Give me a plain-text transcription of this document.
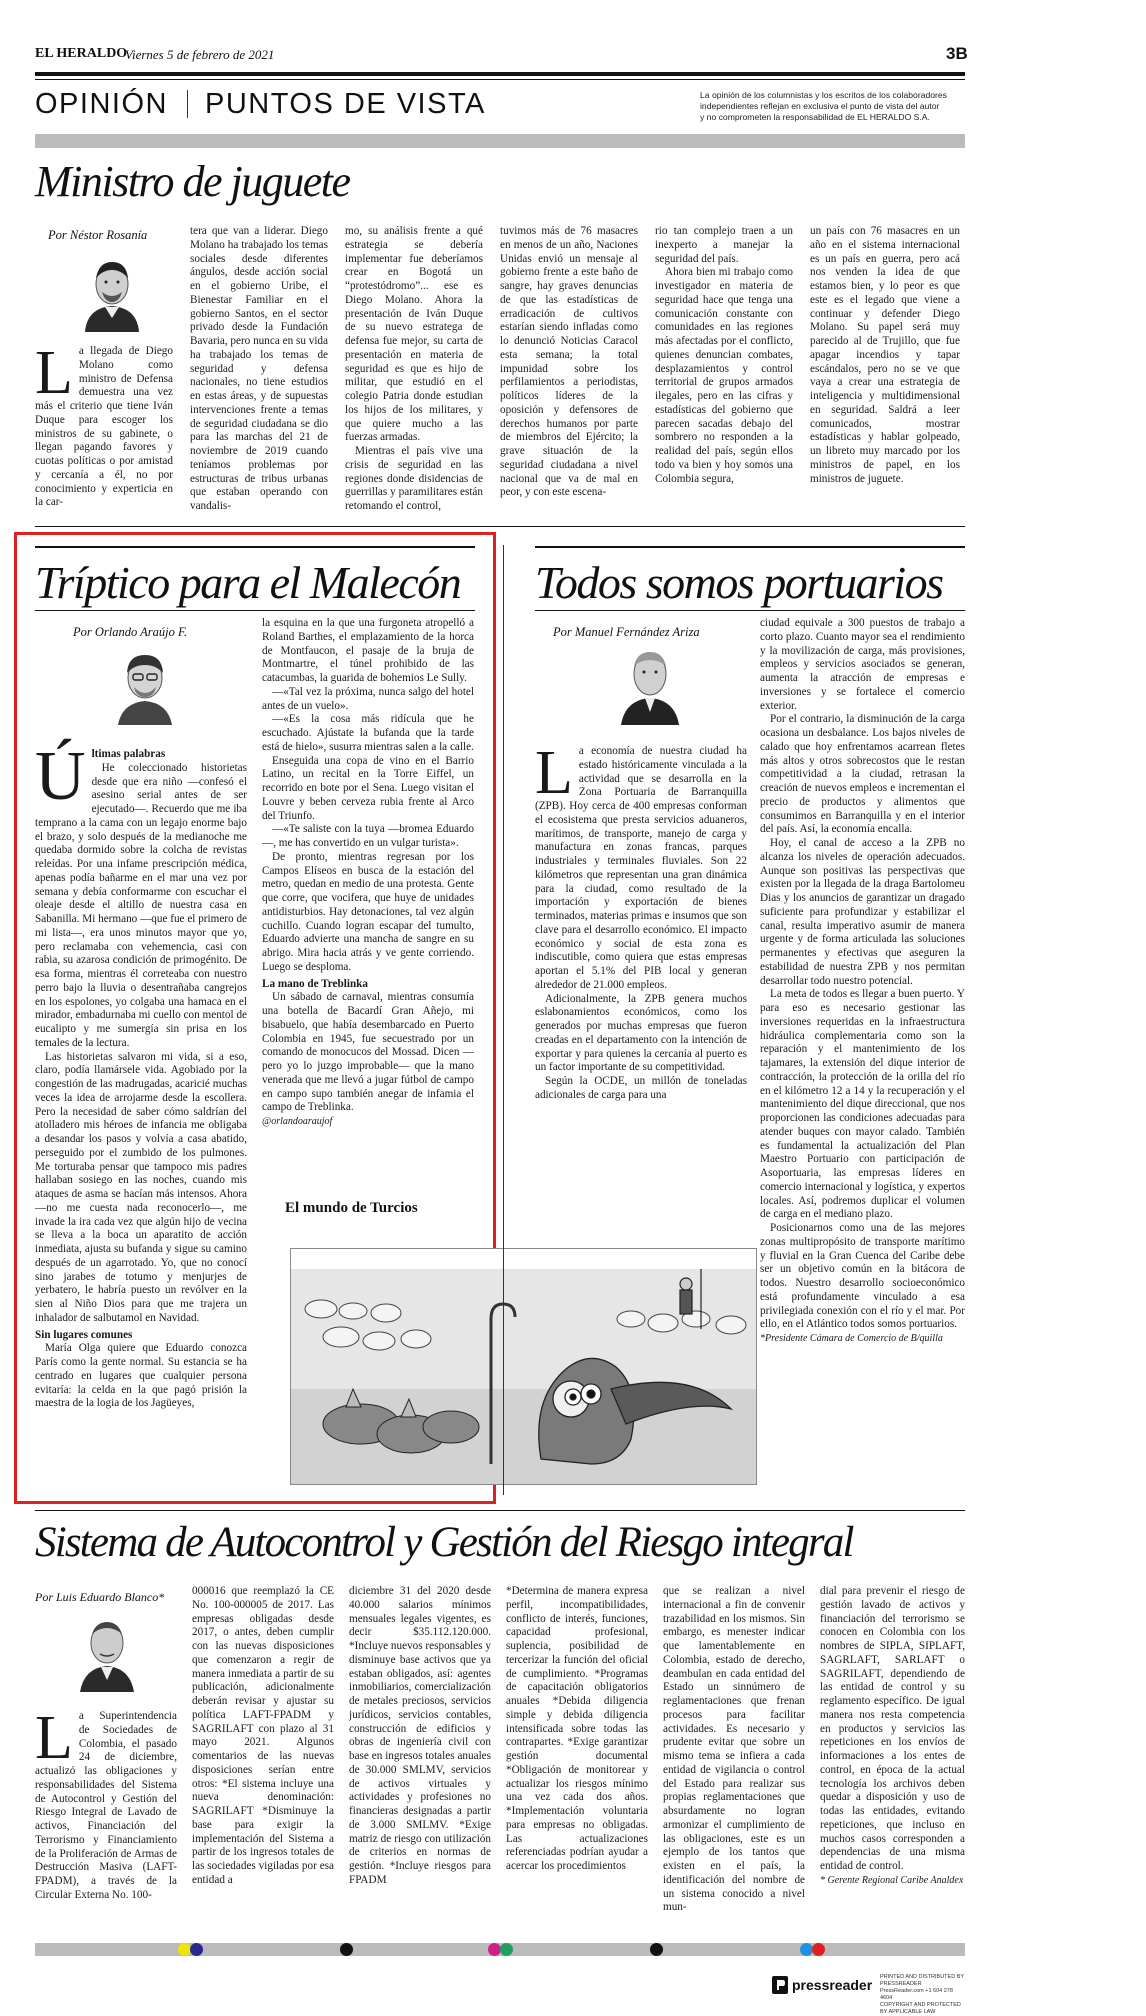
EL HERALDO
Viernes 5 de febrero de 2021	3B
OPINIÓN PUNTOS DE VISTA	La opinión de los columnistas y los escritos de los colaboradores
independientes reflejan en exclusiva el punto de vista del autor
y no comprometen la responsabilidad de EL HERALDO S.A.
Ministro de juguete
Por Néstor Rosanía
L a llegada de Diego Molano como ministro de Defensa demuestra una vez más el criterio que tiene Iván Duque para escoger los ministros de su gabinete, o llegan pagando favores y cuotas políticas o por amistad y cercanía a él, no por conocimiento y experticia en la car-

tera que van a liderar. Diego Molano ha trabajado los temas sociales desde diferentes ángulos, desde acción social en el gobierno Uribe, el Bienestar Familiar en el gobierno Santos, en el sector privado desde la Fundación Bavaria, pero nunca en su vida ha trabajado los temas de seguridad y defensa nacionales, no tiene estudios en estas áreas, y de supuestas intervenciones frente a temas de seguridad ciudadana se dio para las marchas del 21 de noviembre de 2019 cuando teníamos problemas por estructuras de tribus urbanas que estaban operando con vandalis-

mo, su análisis frente a qué estrategia se debería implementar fue deberíamos crear en Bogotá un “protestódromo”... ese es Diego Molano. Ahora la presentación de Iván Duque de su nuevo estratega de defensa fue mejor, su carta de presentación en materia de seguridad es que es hijo de militar, que estudió en el colegio Patria donde estudian los hijos de los militares, y que quiere mucho a las fuerzas armadas.

Mientras el país vive una crisis de seguridad en las regiones donde disidencias de guerrillas y paramilitares están retomando el control,

tuvimos más de 76 masacres en menos de un año, Naciones Unidas envió un mensaje al gobierno frente a este baño de sangre, hay graves denuncias de que las estadísticas de erradicación de cultivos estarían siendo infladas como lo denunció Noticias Caracol esta semana; la total impunidad sobre los perfilamientos a periodistas, políticos líderes de la oposición y defensores de derechos humanos por parte de miembros del Ejército; la grave situación de la seguridad ciudadana a nivel nacional que va de mal en peor, y con este escena-

rio tan complejo traen a un inexperto a manejar la seguridad del país.

Ahora bien mi trabajo como investigador en materia de seguridad hace que tenga una comunicación constante con comunidades en las regiones más afectadas por el conflicto, quienes denuncian combates, desplazamientos y control territorial de grupos armados ilegales, pero en las cifras y estadísticas del gobierno que parecen sacadas debajo del sombrero no responden a la realidad del país, según ellos todo va bien y hoy somos una Colombia segura,

un país con 76 masacres en un año en el sistema internacional es un país en guerra, pero acá nos venden la idea de que estamos bien, y lo peor es que este es el legado que viene a continuar y defender Diego Molano. Su papel será muy parecido al de Trujillo, que fue apagar incendios y tapar escándalos, pero no se ve que vaya a crear una estrategia de inteligencia y multidimensional en seguridad. Saldrá a leer comunicados, mostrar estadísticas y hablar golpeado, un libreto muy marcado por los ministros de papel, en los ministros de juguete.

Tríptico para el Malecón
Por Orlando Araújo F.
Ú ltimas palabras

He coleccionado historietas desde que era niño —confesó el asesino serial antes de ser ejecutado—. Recuerdo que me iba temprano a la cama con un legajo enorme bajo el brazo, y solo después de la medianoche me quedaba dormido sobre la colcha de revistas releídas. Por una infame prescripción médica, apenas podía bañarme en el mar una vez por semana y debía conformarme con escuchar el oleaje desde el altillo de nuestra casa en Sabanilla. Mi hermano —que fue el primero de mi lista—, era unos minutos mayor que yo, pero reclamaba con vehemencia, casi con rabia, su azarosa condición de primogénito. De esa forma, mientras él correteaba con nuestro perro bajo la lluvia o desentrañaba cangrejos en los espolones, yo colgaba una hamaca en el mirador, embadurnaba mi cuello con mentol de eucalipto y me sumergía sin prisa en los temales de la lectura.

Las historietas salvaron mi vida, si a eso, claro, podía llamársele vida. Agobiado por la congestión de las madrugadas, acaricié muchas veces la idea de arrojarme desde la escollera. Pero la necesidad de saber cómo saldrían del atolladero mis héroes de infancia me obligaba a desandar los pasos y volvía a casa abatido, perseguido por el zumbido de los pulmones. Me torturaba pensar que tampoco mis padres hallaban sosiego en las noches, cuando mis ataques de asma se hacían más intensos. Ahora —no me cuesta nada reconocerlo—, me invade la ira cada vez que algún hijo de vecina se lleva a la boca un aparatito de acción inmediata, ajusta su bufanda y sigue su camino después de un agarrotado. Yo, que no conocí sino jarabes de totumo y menjurjes de yerbatero, le habría puesto un revólver en la sien al Niño Dios para que me trajera un inhalador de salbutamol en Navidad.

Sin lugares comunes

María Olga quiere que Eduardo conozca París como la gente normal. Su estancia se ha centrado en lugares que cualquier persona evitaría: la celda en la que pagó prisión la maestra de la logia de los Jagüeyes,

la esquina en la que una furgoneta atropelló a Roland Barthes, el emplazamiento de la horca de Montfaucon, el pasaje de la bruja de Montmartre, el túnel prohibido de las catacumbas, la guarida de bohemios Le Sully.

—«Tal vez la próxima, nunca salgo del hotel antes de un vuelo».

—«Es la cosa más ridícula que he escuchado. Ajústate la bufanda que la tarde está de hielo», susurra mientras salen a la calle.

Enseguida una copa de vino en el Barrio Latino, un recital en la Torre Eiffel, un recorrido en bote por el Sena. Luego visitan el Louvre y beben cerveza rubia frente al Arco del Triunfo.

—«Te saliste con la tuya —bromea Eduardo—, me has convertido en un vulgar turista».

De pronto, mientras regresan por los Campos Elíseos en busca de la estación del metro, quedan en medio de una protesta. Gente que corre, que vocifera, que huye de unidades antidisturbios. Hay detonaciones, tal vez algún cuchillo. Cuando logran escapar del tumulto, Eduardo advierte una mancha de sangre en su abrigo. Mira hacia atrás y ve gente corriendo. Luego se desploma.

La mano de Treblinka

Un sábado de carnaval, mientras consumía una botella de Bacardí Gran Añejo, mi bisabuelo, que había desembarcado en Puerto Colombia en 1945, fue secuestrado por un comando de monocucos del Mossad. Dicen —pero yo lo juzgo improbable— que la mano venerada que me llevó a jugar fútbol de campo en campo supo también anegar de infamia el campo de Treblinka.

@orlandoaraujof

El mundo de Turcios
Todos somos portuarios
Por Manuel Fernández Ariza
L a economía de nuestra ciudad ha estado históricamente vinculada a la actividad que se desarrolla en la Zona Portuaria de Barranquilla (ZPB). Hoy cerca de 400 empresas conforman el ecosistema que presta servicios aduaneros, marítimos, de transporte, manejo de carga y manufactura en zonas francas, parques industriales y terminales fluviales. Son 22 kilómetros que representan una gran dinámica para la ciudad, como resultado de la importación y exportación de bienes terminados, materias primas e insumos que son clave para el desarrollo económico. El impacto económico y social de esta zona es indiscutible, como quiera que estas empresas aportan el 5.1% del PIB local y generan alrededor de 21.000 empleos.

Adicionalmente, la ZPB genera muchos eslabonamientos económicos, como los generados por muchas empresas que fueron creadas en el departamento con la intención de exportar y para quienes la cercanía al puerto es un factor importante de su competitividad.

Según la OCDE, un millón de toneladas adicionales de carga para una

ciudad equivale a 300 puestos de trabajo a corto plazo. Cuanto mayor sea el rendimiento y la movilización de carga, más provisiones, empleos y servicios asociados se generan, aumenta la atracción de empresas e inversiones y se fortalece el comercio exterior.

Por el contrario, la disminución de la carga ocasiona un desbalance. Los bajos niveles de calado que hoy enfrentamos acarrean fletes más altos y otros sobrecostos que le restan competitividad a la ciudad, retrasan la creación de nuevos empleos e incrementan el precio de productos y alimentos que consumimos en Barranquilla y en el interior del país. Así, la economía encalla.

Hoy, el canal de acceso a la ZPB no alcanza los niveles de operación adecuados. Aunque son positivas las perspectivas que existen por la llegada de la draga Bartolomeu Dias y los anuncios de garantizar un dragado suficiente para profundizar y estabilizar el canal, resulta imperativo asumir de manera urgente y de forma articulada las soluciones permanentes y efectivas que aseguren la estabilidad de nuestra ZPB y nos permitan desarrollar todo nuestro potencial.

La meta de todos es llegar a buen puerto. Y para eso es necesario gestionar las inversiones requeridas en la infraestructura hidráulica complementaria como son la reparación y el mantenimiento de los tajamares, la extensión del dique interior de contracción, la protección de la orilla del río en el kilómetro 12 a 14 y la recuperación y el mantenimiento del dique direccional, que nos proporcionen las condiciones adecuadas para atender buques con mayor calado. También es fundamental la actualización del Plan Maestro Portuario con participación de Asoportuaria, las empresas líderes en comercio internacional y logística, y expertos locales. Así, podremos duplicar el volumen de carga en el mediano plazo.

Posicionarnos como una de las mejores zonas multipropósito de transporte marítimo y fluvial en la Gran Cuenca del Caribe debe ser un objetivo común en la bitácora de todos. Nuestro desarrollo socioeconómico está profundamente vinculado a esa privilegiada conexión con el río y el mar. Por ello, en el Atlántico todos somos portuarios.

*Presidente Cámara de Comercio de B/quilla

Sistema de Autocontrol y Gestión del Riesgo integral
Por Luis Eduardo Blanco*
L a Superintendencia de Sociedades de Colombia, el pasado 24 de diciembre, actualizó las obligaciones y responsabilidades del Sistema de Autocontrol y Gestión del Riesgo Integral de Lavado de activos, Financiación del Terrorismo y Financiamiento de la Proliferación de Armas de Destrucción Masiva (LAFT-FPADM), a través de la Circular Externa No. 100-

000016 que reemplazó la CE No. 100-000005 de 2017. Las empresas obligadas desde 2017, o antes, deben cumplir con las nuevas disposiciones que comenzaron a regir de manera inmediata a partir de su publicación, adicionalmente deberán revisar y ajustar su política LAFT-FPADM y SAGRILAFT con plazo al 31 mayo 2021. Algunos comentarios de las nuevas disposiciones serían entre otros: *El sistema incluye una nueva denominación: SAGRILAFT *Disminuye la base para exigir la implementación del Sistema a partir de los ingresos totales de las sociedades vigiladas por esa entidad a

diciembre 31 del 2020 desde 40.000 salarios mínimos mensuales legales vigentes, es decir $35.112.120.000. *Incluye nuevos responsables y disminuye base activos que ya estaban obligados, así: agentes inmobiliarios, comercialización de metales preciosos, servicios jurídicos, servicios contables, construcción de edificios y obras de ingeniería civil con base en ingresos totales anuales de 30.000 SMLMV, servicios de activos virtuales y actividades y profesiones no financieras designadas a partir de 3.000 SMLMV. *Exige matriz de riesgo con utilización de criterios en normas de gestión. *Incluye riesgos para FPADM

*Determina de manera expresa perfil, incompatibilidades, conflicto de interés, funciones, capacidad profesional, suplencia, posibilidad de tercerizar la función del oficial de cumplimiento. *Programas de capacitación obligatorios anuales *Debida diligencia simple y debida diligencia intensificada sobre todas las contrapartes. *Exige garantizar gestión documental *Obligación de monitorear y actualizar los riesgos mínimo una vez cada dos años. *Implementación voluntaria para empresas no obligadas. Las actualizaciones referenciadas podrían ayudar a acercar los procedimientos

que se realizan a nivel internacional a fin de convenir trazabilidad en los mismos. Sin embargo, es menester indicar que lamentablemente en Colombia, estado de derecho, deambulan en cada entidad del Estado un sinnúmero de reglamentaciones que frenan procesos para facilitar actividades. Es necesario y prudente evitar que sobre un mismo tema se infiera a cada entidad de vigilancia o control del Estado para realizar sus propias reglamentaciones que absurdamente no logran armonizar el cumplimiento de las obligaciones, este es un ejemplo de los tantos que existen en el país, la identificación del nombre de un sistema conocido a nivel mun-

dial para prevenir el riesgo de gestión lavado de activos y financiación del terrorismo se conocen en Colombia con los nombres de SIPLA, SIPLAFT, SAGRLAFT, SARLAFT o SAGRILAFT, dependiendo de las entidad de control y su reglamento específico. De igual manera nos resta competencia en productos y servicios las repeticiones en los envíos de informaciones a los entes de control, en época de la actual tecnología los archivos deben quedar a disposición y uso de todas las entidades, evitando repeticiones, que incluso en muchos casos corresponden a dependencias de una misma entidad de control.

* Gerente Regional Caribe Analdex

pressreader PRINTED AND DISTRIBUTED BY PRESSREADER
PressReader.com +1 604 278 4604
COPYRIGHT AND PROTECTED BY APPLICABLE LAW
